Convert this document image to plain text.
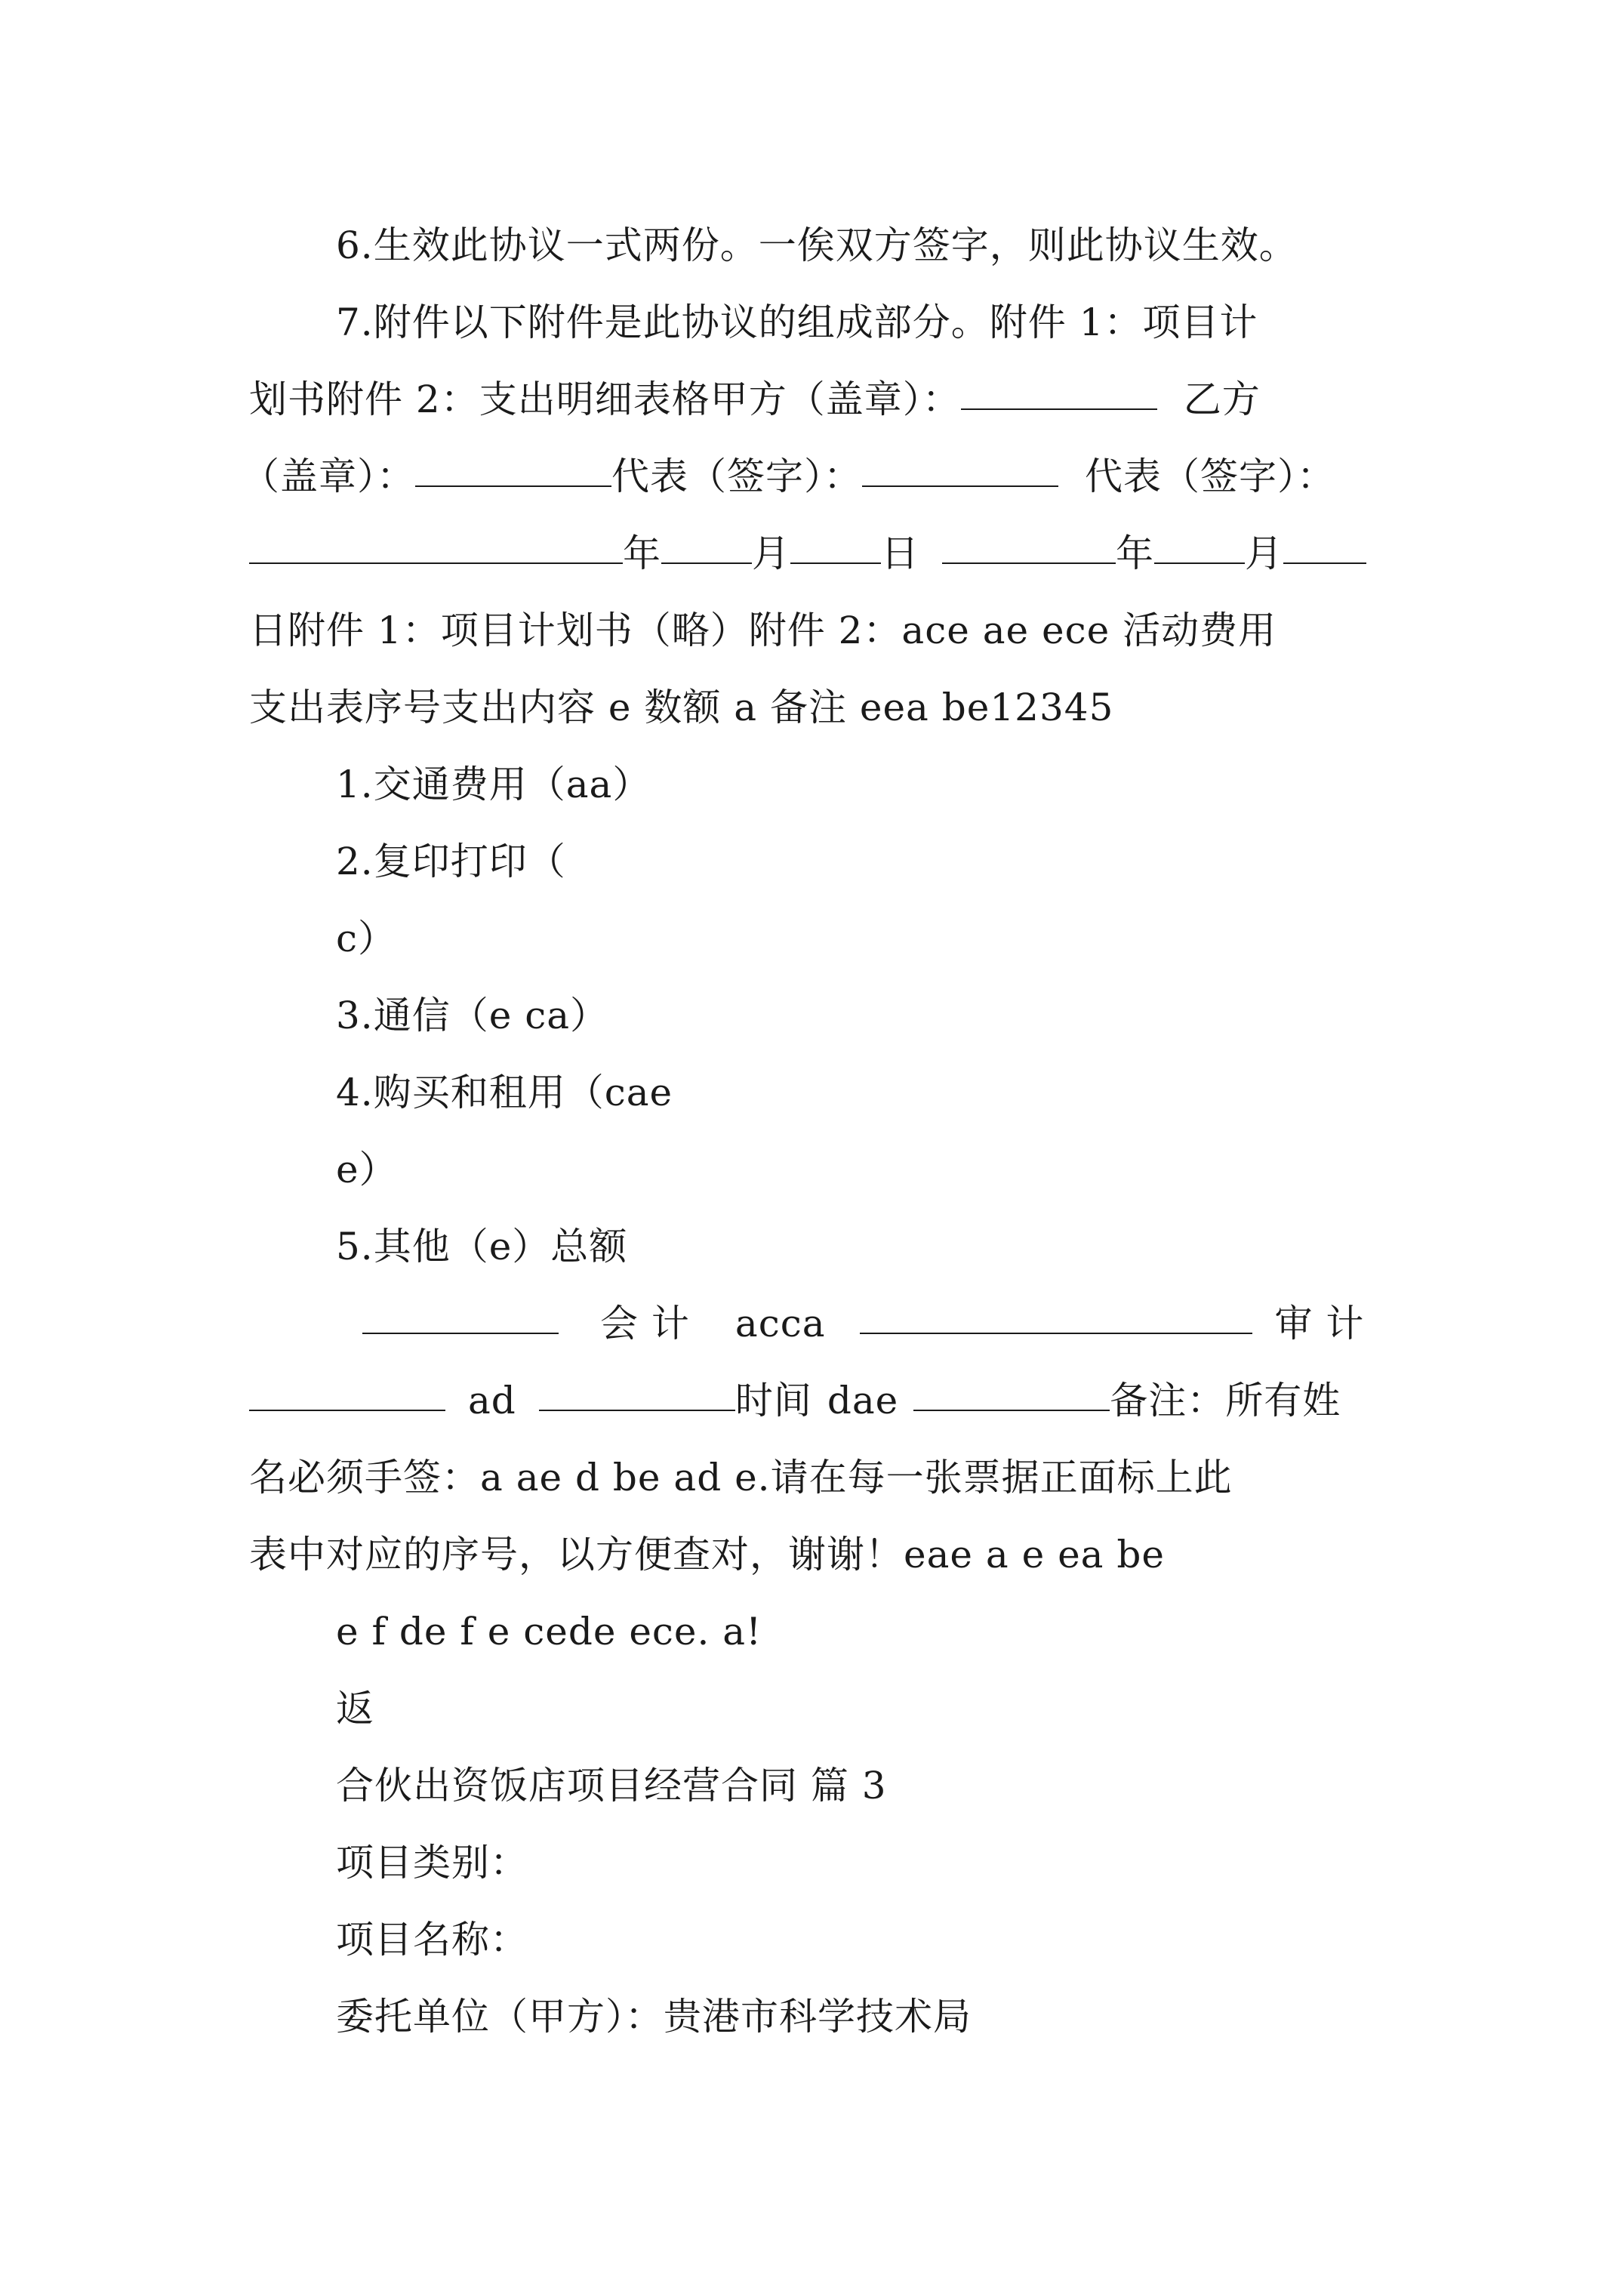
6.生效此协议一式两份。一俟双方签字，则此协议生效。
7.附件以下附件是此协议的组成部分。附件 1：项目计
划书附件 2：支出明细表格甲方（盖章）：	乙方
（盖章）：	代表（签字）：	代表（签字）：
年 月 日	年 月
日附件 1：项目计划书（略）附件 2：ace ae ece 活动费用
支出表序号支出内容 e 数额 a 备注 eea be12345
1.交通费用（aa）
2.复印打印（
c）
3.通信（e ca）
4.购买和租用（cae
e）
5.其他（e）总额
会 计 acca	审 计
ad	时间 dae	备注：所有姓
名必须手签：a ae d be ad e.请在每一张票据正面标上此
表中对应的序号，以方便查对，谢谢！eae a e ea be
e f de f e cede ece. a!
返
合伙出资饭店项目经营合同 篇 3
项目类别：
项目名称：
委托单位（甲方）：贵港市科学技术局
